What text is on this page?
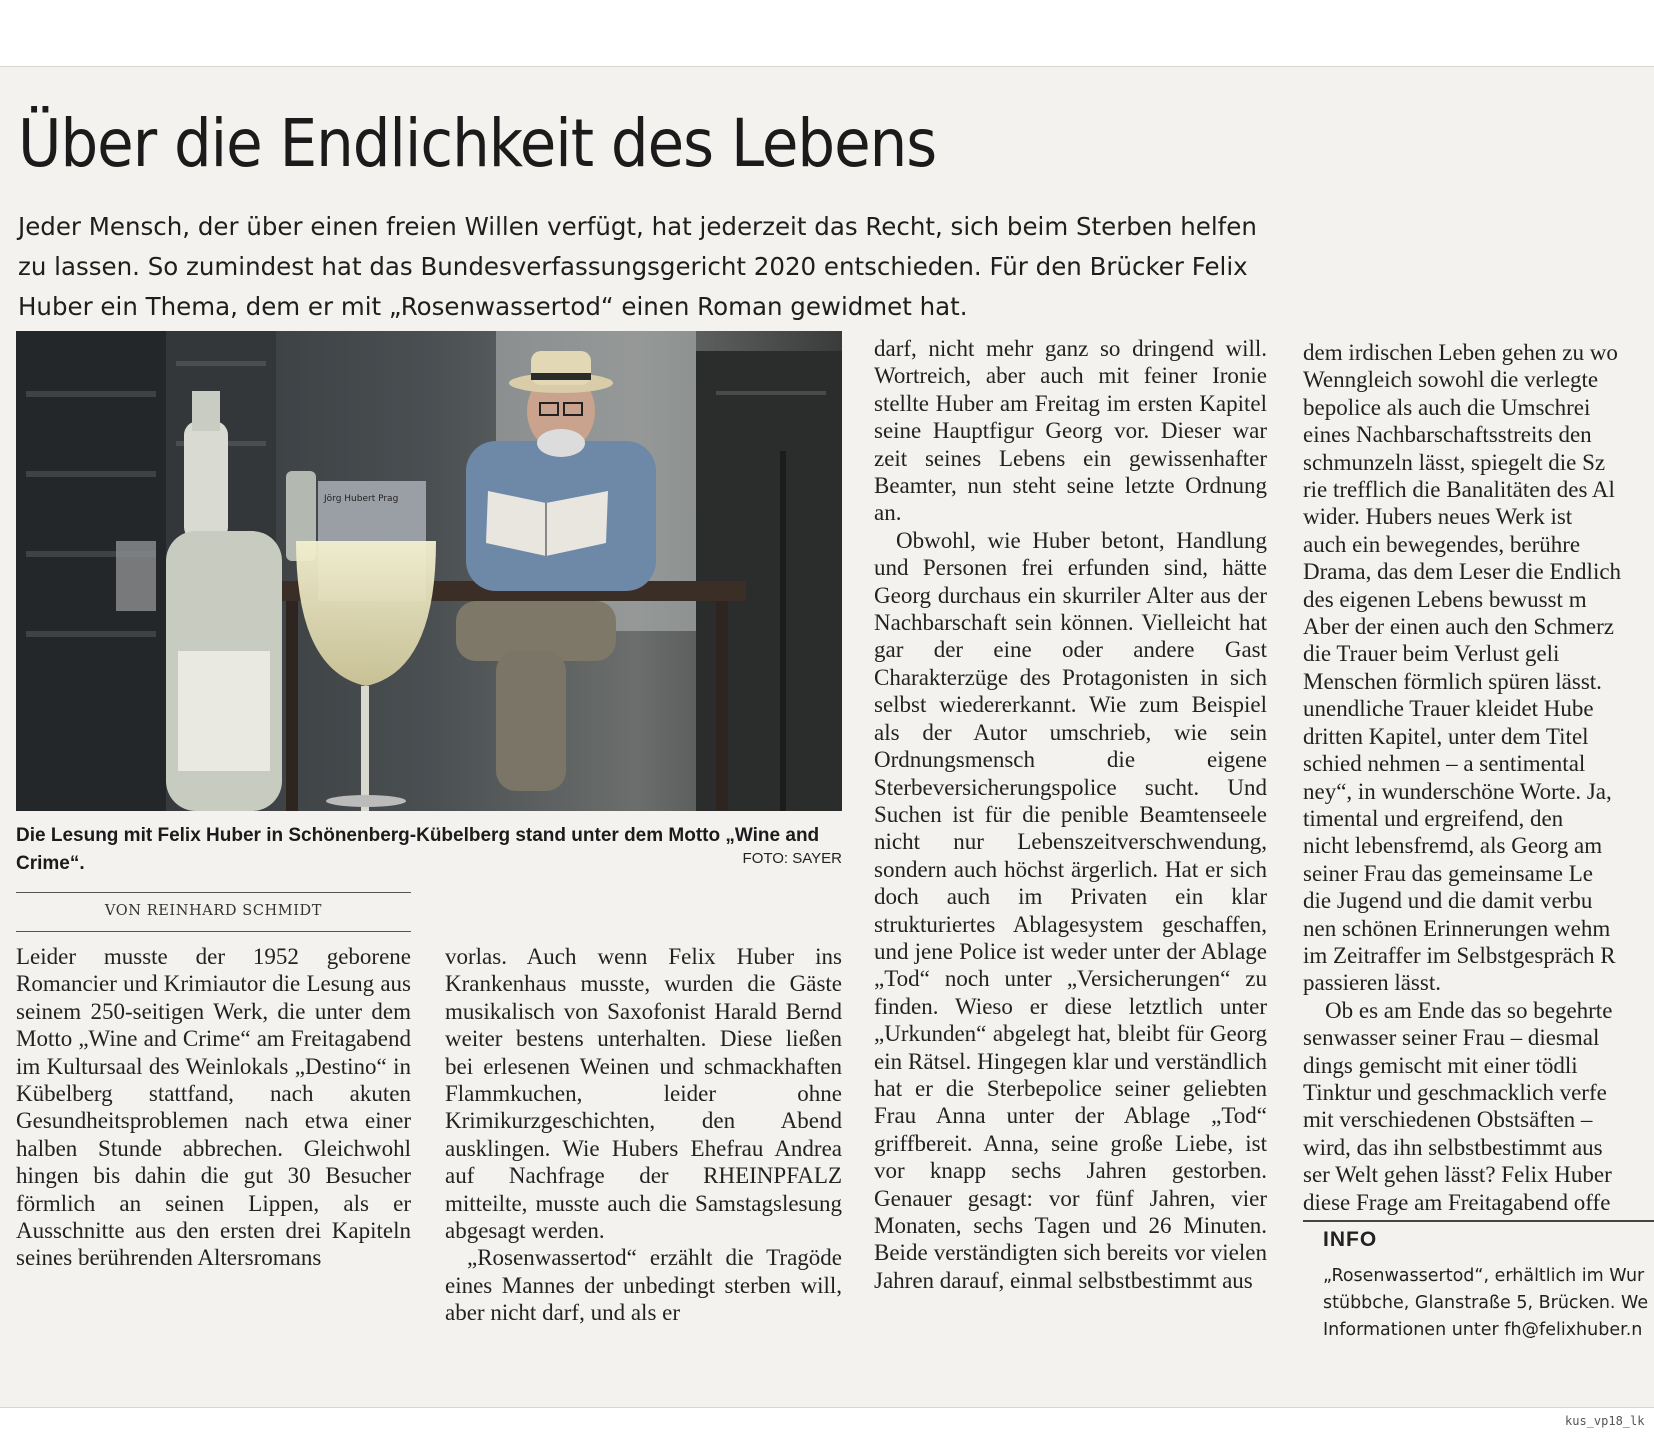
Über die Endlichkeit des Lebens

Jeder Mensch, der über einen freien Willen verfügt, hat jederzeit das Recht, sich beim Sterben helfen zu lassen. So zumindest hat das Bundesverfassungsgericht 2020 entschieden. Für den Brücker Felix Huber ein Thema, dem er mit „Rosenwassertod“ einen Roman gewidmet hat.

Jörg Hubert Prag

Die Lesung mit Felix Huber in Schönenberg-Kübelberg stand unter dem Motto „Wine and Crime“.	FOTO: SAYER
VON REINHARD SCHMIDT

Leider musste der 1952 geborene Romancier und Krimiautor die Lesung aus seinem 250-seitigen Werk, die unter dem Motto „Wine and Crime“ am Freitagabend im Kultursaal des Weinlokals „Destino“ in Kübelberg stattfand, nach akuten Gesundheitsproblemen nach etwa einer halben Stunde abbrechen. Gleichwohl hingen bis dahin die gut 30 Besucher förmlich an seinen Lippen, als er Ausschnitte aus den ersten drei Kapiteln seines berührenden Altersromans

vorlas. Auch wenn Felix Huber ins Krankenhaus musste, wurden die Gäste musikalisch von Saxofonist Harald Bernd weiter bestens unterhalten. Diese ließen bei erlesenen Weinen und schmackhaften Flammkuchen, leider ohne Krimikurzgeschichten, den Abend ausklingen. Wie Hubers Ehefrau Andrea auf Nachfrage der RHEINPFALZ mitteilte, musste auch die Samstagslesung abgesagt werden.

„Rosenwassertod“ erzählt die Tragöde eines Mannes der unbedingt sterben will, aber nicht darf, und als er

darf, nicht mehr ganz so dringend will. Wortreich, aber auch mit feiner Ironie stellte Huber am Freitag im ersten Kapitel seine Hauptfigur Georg vor. Dieser war zeit seines Lebens ein gewissenhafter Beamter, nun steht seine letzte Ordnung an.

Obwohl, wie Huber betont, Handlung und Personen frei erfunden sind, hätte Georg durchaus ein skurriler Alter aus der Nachbarschaft sein können. Vielleicht hat gar der eine oder andere Gast Charakterzüge des Protagonisten in sich selbst wiedererkannt. Wie zum Beispiel als der Autor umschrieb, wie sein Ordnungsmensch die eigene Sterbeversicherungspolice sucht. Und Suchen ist für die penible Beamtenseele nicht nur Lebenszeitverschwendung, sondern auch höchst ärgerlich. Hat er sich doch auch im Privaten ein klar strukturiertes Ablagesystem geschaffen, und jene Police ist weder unter der Ablage „Tod“ noch unter „Versicherungen“ zu finden. Wieso er diese letztlich unter „Urkunden“ abgelegt hat, bleibt für Georg ein Rätsel. Hingegen klar und verständlich hat er die Sterbepolice seiner geliebten Frau Anna unter der Ablage „Tod“ griffbereit. Anna, seine große Liebe, ist vor knapp sechs Jahren gestorben. Genauer gesagt: vor fünf Jahren, vier Monaten, sechs Tagen und 26 Minuten. Beide verständigten sich bereits vor vielen Jahren darauf, einmal selbstbestimmt aus

dem irdischen Leben gehen zu wo

Wenngleich sowohl die verlegte

bepolice als auch die Umschrei

eines Nachbarschaftsstreits den

schmunzeln lässt, spiegelt die Sz

rie trefflich die Banalitäten des Al

wider. Hubers neues Werk ist

auch ein bewegendes, berühre

Drama, das dem Leser die Endlich

des eigenen Lebens bewusst m

Aber der einen auch den Schmerz

die Trauer beim Verlust geli

Menschen förmlich spüren lässt.

unendliche Trauer kleidet Hube

dritten Kapitel, unter dem Titel

schied nehmen – a sentimental

ney“, in wunderschöne Worte. Ja,

timental und ergreifend, den

nicht lebensfremd, als Georg am

seiner Frau das gemeinsame Le

die Jugend und die damit verbu

nen schönen Erinnerungen wehm

im Zeitraffer im Selbstgespräch R

passieren lässt.

Ob es am Ende das so begehrte

senwasser seiner Frau – diesmal

dings gemischt mit einer tödli

Tinktur und geschmacklich verfe

mit verschiedenen Obstsäften –

wird, das ihn selbstbestimmt aus

ser Welt gehen lässt? Felix Huber

diese Frage am Freitagabend offe

INFO
„Rosenwassertod“, erhältlich im Wur
stübbche, Glanstraße 5, Brücken. We
Informationen unter fh@felixhuber.n
kus_vp18_lk
